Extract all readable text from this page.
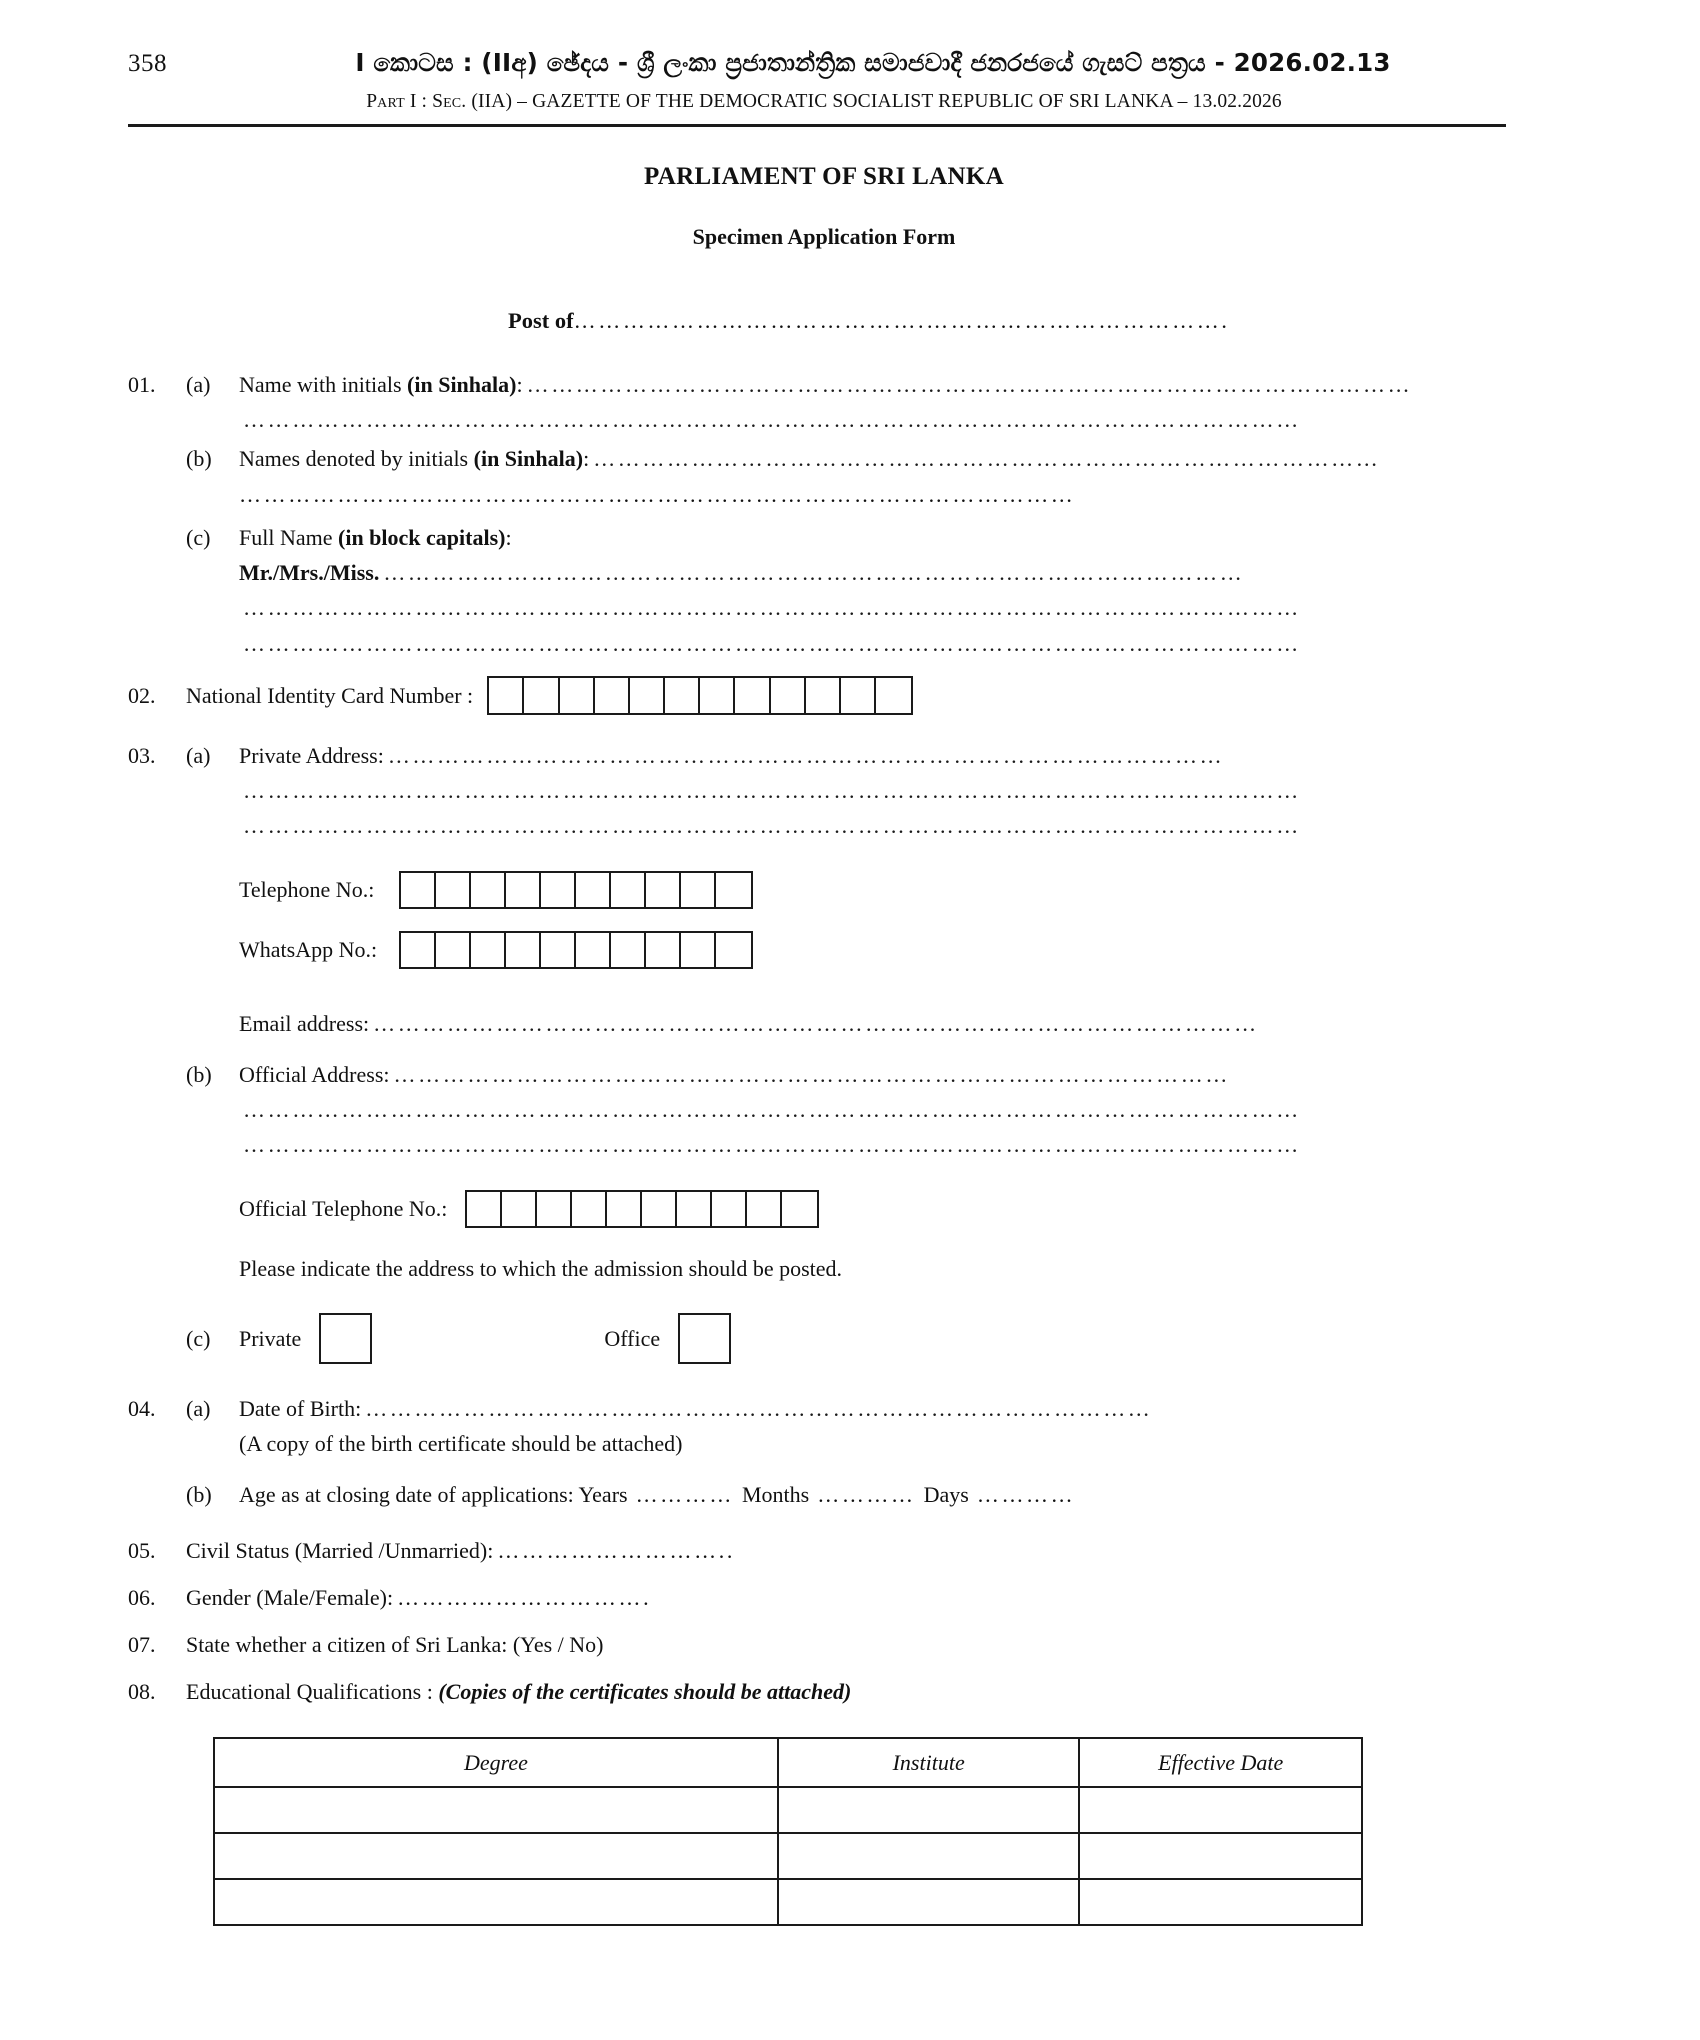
358	I කොටස : (IIඅ) ඡේදය - ශ්‍රී ලංකා ප්‍රජාතාන්ත්‍රික සමාජවාදී ජනරජයේ ගැසට් පත්‍රය - 2026.02.13
Part I : Sec. (IIA) – GAZETTE OF THE DEMOCRATIC SOCIALIST REPUBLIC OF SRI LANKA – 13.02.2026
PARLIAMENT OF SRI LANKA
Specimen Application Form
Post of …………………………………….……………………………….
01.	(a)	Name with initials (in Sinhala): ………………………………………………………………………………………………
…………………………………………………………………………………………………………………
(b)	Names denoted by initials (in Sinhala): ……………………………………………………………………………………
…………………………………………………………………………………………
(c)	Full Name (in block capitals):
Mr./Mrs./Miss. ……………………………………………………………………………………………
…………………………………………………………………………………………………………………
…………………………………………………………………………………………………………………
02.	National Identity Card Number :
03.	(a)	Private Address: …………………………………………………………………………………………
…………………………………………………………………………………………………………………
…………………………………………………………………………………………………………………
Telephone No.:
WhatsApp No.:
Email address: ………………………………………………………………………………………………
(b)	Official Address: …………………………………………………………………………………………
…………………………………………………………………………………………………………………
…………………………………………………………………………………………………………………
Official Telephone No.:
Please indicate the address to which the admission should be posted.
(c)	Private	Office
04.	(a)	Date of Birth: ……………………………………………………………………………………
(A copy of the birth certificate should be attached)
(b)	Age as at closing date of applications: Years ………… Months ………… Days …………
05.	Civil Status (Married /Unmarried): ………………………..
06.	Gender (Male/Female): ………………………….
07.	State whether a citizen of Sri Lanka: (Yes / No)
08.	Educational Qualifications : (Copies of the certificates should be attached)
Degree	Institute	Effective Date
